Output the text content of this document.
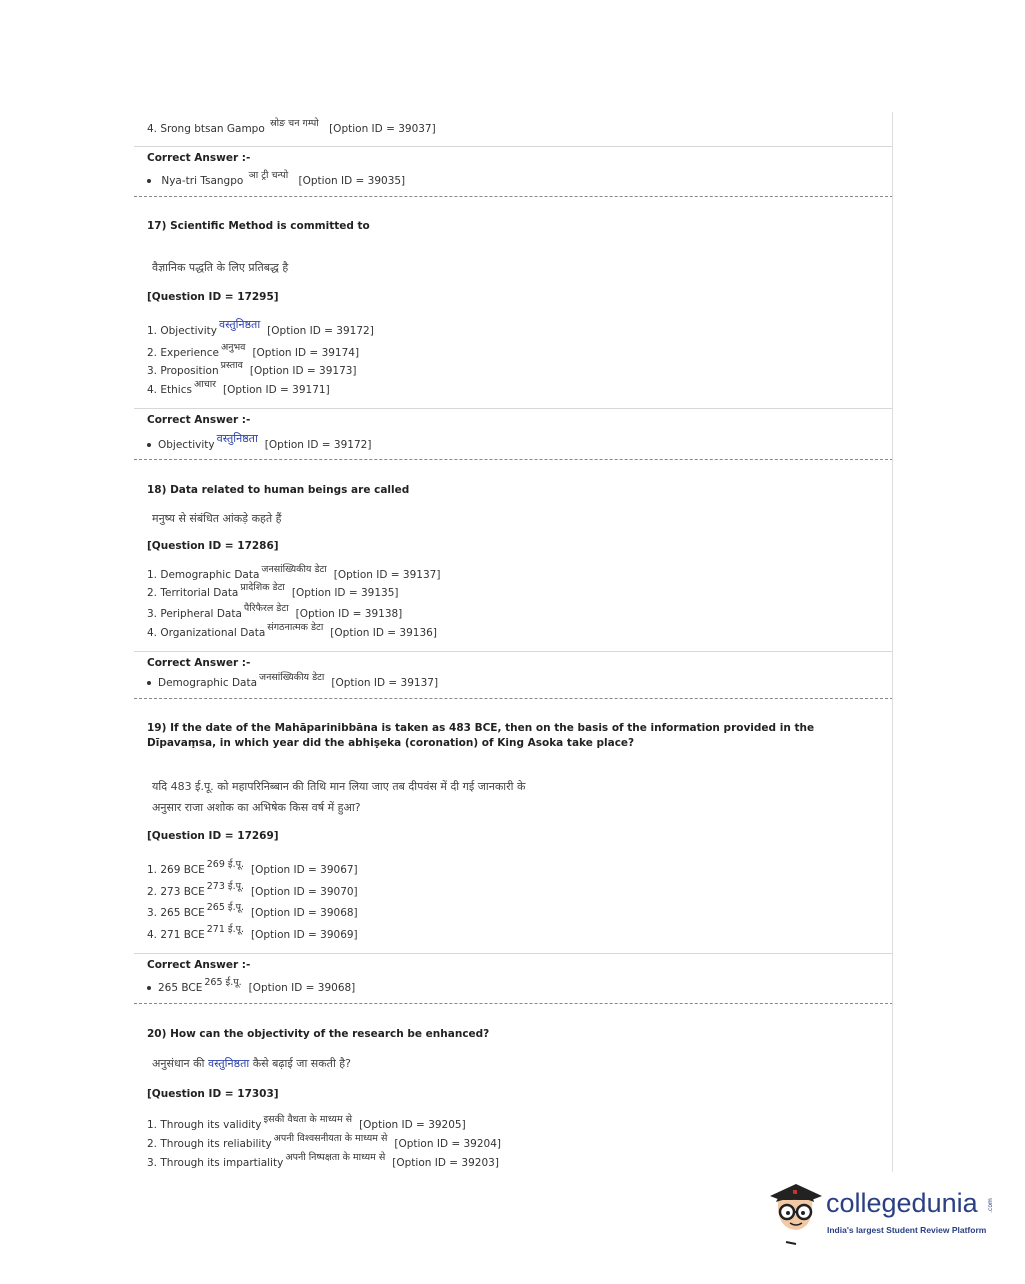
4. Srong btsan Gampo स्रोङ चन गम्पो [Option ID = 39037]
Correct Answer :-
Nya-tri Tsangpo ञा ट्री चन्पो [Option ID = 39035]
17) Scientific Method is committed to
वैज्ञानिक पद्धति के लिए प्रतिबद्ध है
[Question ID = 17295]
1. Objectivity वस्तुनिष्ठता [Option ID = 39172]
2. Experience अनुभव [Option ID = 39174]
3. Proposition प्रस्ताव [Option ID = 39173]
4. Ethics आचार [Option ID = 39171]
Correct Answer :-
Objectivity वस्तुनिष्ठता [Option ID = 39172]
18) Data related to human beings are called
मनुष्य से संबंधित आंकड़े कहते हैं
[Question ID = 17286]
1. Demographic Data जनसांख्यिकीय डेटा [Option ID = 39137]
2. Territorial Data प्रादेशिक डेटा [Option ID = 39135]
3. Peripheral Data पैरिफैरल डेटा [Option ID = 39138]
4. Organizational Data संगठनात्मक डेटा [Option ID = 39136]
Correct Answer :-
Demographic Data जनसांख्यिकीय डेटा [Option ID = 39137]
19) If the date of the Mahāparinibbāna is taken as 483 BCE, then on the basis of the information provided in the Dīpavaṃsa, in which year did the abhiṣeka (coronation) of King Asoka take place?
यदि 483 ई.पू. को महापरिनिब्बान की तिथि मान लिया जाए तब दीपवंस में दी गई जानकारी के
अनुसार राजा अशोक का अभिषेक किस वर्ष में हुआ?
[Question ID = 17269]
1. 269 BCE 269 ई.पू. [Option ID = 39067]
2. 273 BCE 273 ई.पू. [Option ID = 39070]
3. 265 BCE 265 ई.पू. [Option ID = 39068]
4. 271 BCE 271 ई.पू. [Option ID = 39069]
Correct Answer :-
265 BCE 265 ई.पू. [Option ID = 39068]
20) How can the objectivity of the research be enhanced?
अनुसंधान की वस्तुनिष्ठता कैसे बढ़ाई जा सकती है?
[Question ID = 17303]
1. Through its validity इसकी वैधता के माध्यम से [Option ID = 39205]
2. Through its reliability अपनी विश्वसनीयता के माध्यम से [Option ID = 39204]
3. Through its impartiality अपनी निष्पक्षता के माध्यम से [Option ID = 39203]
collegedunia .com
India's largest Student Review Platform
